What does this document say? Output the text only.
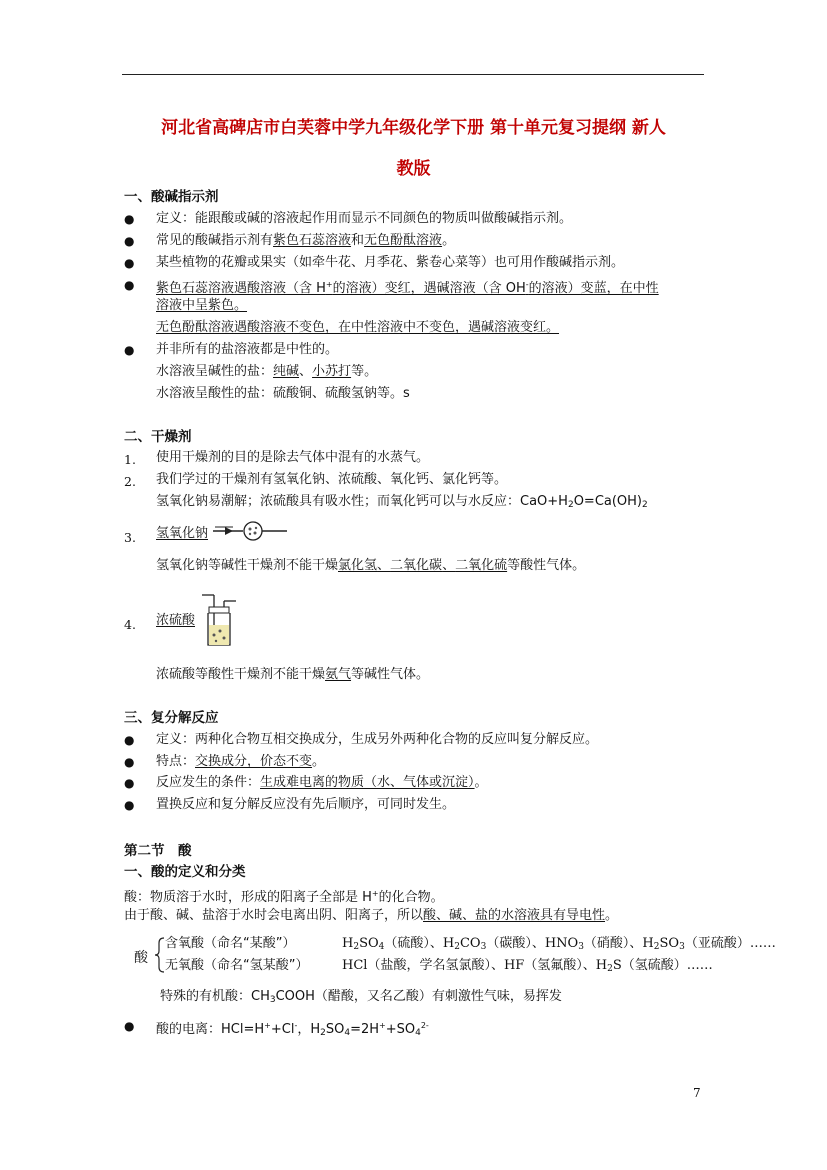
河北省高碑店市白芙蓉中学九年级化学下册 第十单元复习提纲 新人
教版
一、酸碱指示剂
●	定义：能跟酸或碱的溶液起作用而显示不同颜色的物质叫做酸碱指示剂。
●	常见的酸碱指示剂有紫色石蕊溶液和无色酚酞溶液。
●	某些植物的花瓣或果实（如牵牛花、月季花、紫卷心菜等）也可用作酸碱指示剂。
●	紫色石蕊溶液遇酸溶液（含 H+的溶液）变红，遇碱溶液（含 OH-的溶液）变蓝，在中性
溶液中呈紫色。
无色酚酞溶液遇酸溶液不变色，在中性溶液中不变色，遇碱溶液变红。
●	并非所有的盐溶液都是中性的。
水溶液呈碱性的盐：纯碱、小苏打等。
水溶液呈酸性的盐：硫酸铜、硫酸氢钠等。s
二、干燥剂
1. 使用干燥剂的目的是除去气体中混有的水蒸气。
2. 我们学过的干燥剂有氢氧化钠、浓硫酸、氧化钙、氯化钙等。
氢氧化钠易潮解；浓硫酸具有吸水性；而氧化钙可以与水反应：$CaO+H_2O=Ca(OH)_2$
3. 氢氧化钠
氢氧化钠等碱性干燥剂不能干燥氯化氢、二氧化碳、二氧化硫等酸性气体。
4. 浓硫酸
浓硫酸等酸性干燥剂不能干燥氨气等碱性气体。
三、复分解反应
●	定义：两种化合物互相交换成分，生成另外两种化合物的反应叫复分解反应。
●	特点：交换成分，价态不变。
●	反应发生的条件：生成难电离的物质（水、气体或沉淀）。
●	置换反应和复分解反应没有先后顺序，可同时发生。
第二节　酸
一、酸的定义和分类
酸：物质溶于水时，形成的阳离子全部是 H+的化合物。
由于酸、碱、盐溶于水时会电离出阴、阳离子，所以酸、碱、盐的水溶液具有导电性。
酸
含氧酸（命名“某酸”）	$H_2SO_4$（硫酸）、$H_2CO_3$（碳酸）、$HNO_3$（硝酸）、$H_2SO_3$（亚硫酸）……
无氧酸（命名“氢某酸”）	HCl（盐酸，学名氢氯酸）、HF（氢氟酸）、$H_2S$（氢硫酸）……
特殊的有机酸：$CH_3COOH$（醋酸，又名乙酸）有刺激性气味，易挥发
●	酸的电离：HCl=H++Cl-，$H_2SO_4=2H^++SO_4^{2-}$
7
